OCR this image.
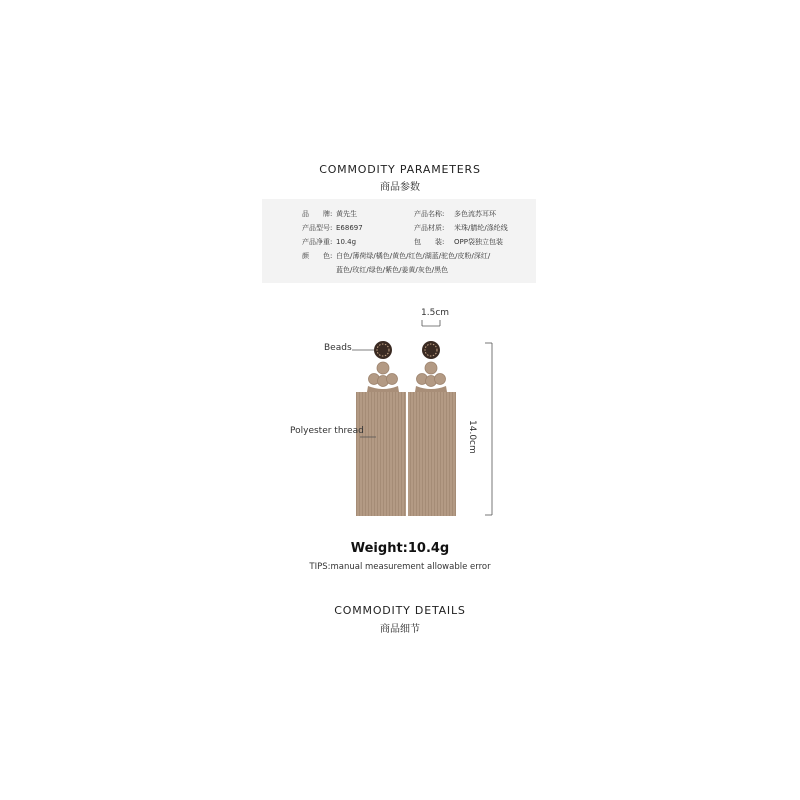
COMMODITY PARAMETERS
商品参数
品　　牌: 黄先生	产品名称: 多色流苏耳环
产品型号: E68697	产品材质: 米珠/腈纶/涤纶线
产品净重: 10.4g	包　　装: OPP袋独立包装
颜　　色: 白色/薄荷绿/橘色/黄色/红色/湖蓝/驼色/皮粉/深红/
蓝色/玫红/绿色/紫色/姜黄/灰色/黑色
1.5cm
Beads
Polyester thread	14.0cm
Weight:10.4g
TIPS:manual measurement allowable error
COMMODITY DETAILS
商品细节
